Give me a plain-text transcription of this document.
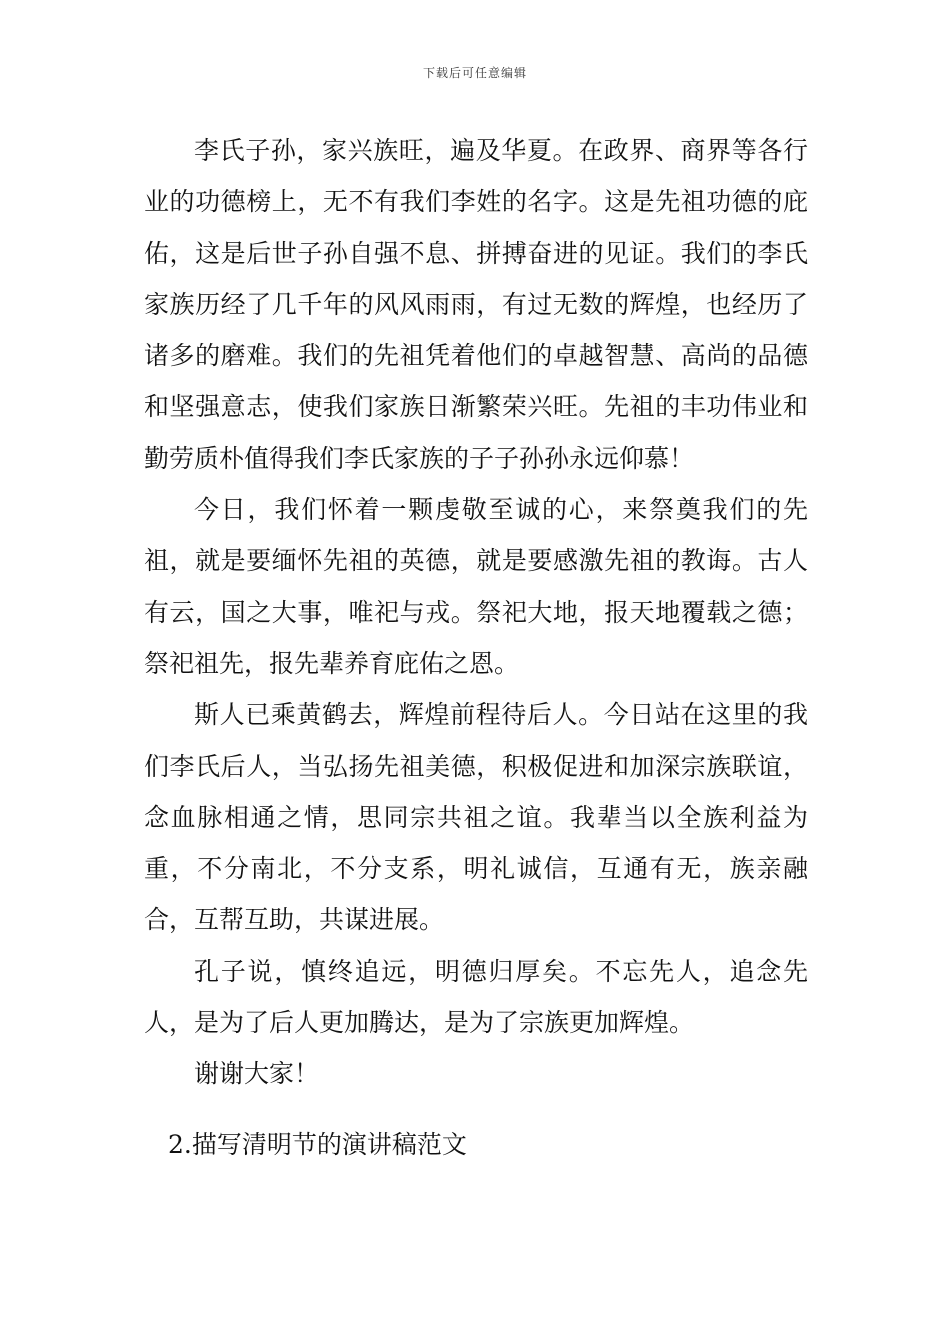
下载后可任意编辑

李氏子孙，家兴族旺，遍及华夏。在政界、商界等各行业的功德榜上，无不有我们李姓的名字。这是先祖功德的庇佑，这是后世子孙自强不息、拼搏奋进的见证。我们的李氏家族历经了几千年的风风雨雨，有过无数的辉煌，也经历了诸多的磨难。我们的先祖凭着他们的卓越智慧、高尚的品德和坚强意志，使我们家族日渐繁荣兴旺。先祖的丰功伟业和勤劳质朴值得我们李氏家族的子子孙孙永远仰慕！

今日，我们怀着一颗虔敬至诚的心，来祭奠我们的先祖，就是要缅怀先祖的英德，就是要感激先祖的教诲。古人有云，国之大事，唯祀与戎。祭祀大地，报天地覆载之德；祭祀祖先，报先辈养育庇佑之恩。

斯人已乘黄鹤去，辉煌前程待后人。今日站在这里的我们李氏后人，当弘扬先祖美德，积极促进和加深宗族联谊，念血脉相通之情，思同宗共祖之谊。我辈当以全族利益为重，不分南北，不分支系，明礼诚信，互通有无，族亲融合，互帮互助，共谋进展。

孔子说，慎终追远，明德归厚矣。不忘先人，追念先人，是为了后人更加腾达，是为了宗族更加辉煌。

谢谢大家！

2.描写清明节的演讲稿范文
